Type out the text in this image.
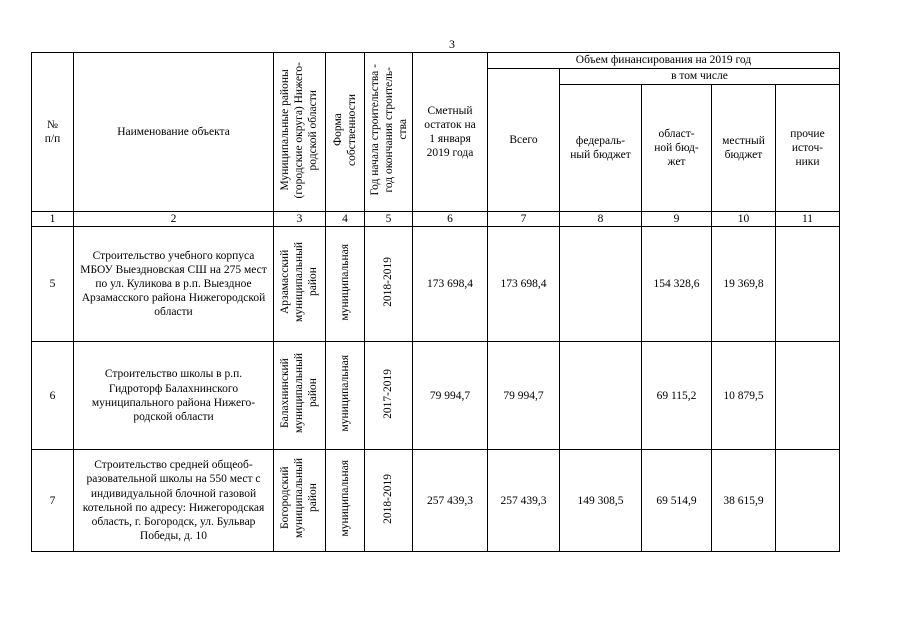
3
№
п/п	Наименование объекта	Муниципальные районы
(городские округа) Нижего-
родской области	Форма
собственности	Год начала строительства -
год окончания строитель-
ства	Сметный
остаток на
1 января
2019 года	Объем финансирования на 2019 год				
						Всего	в том числе			
							федераль-
ный бюджет	област-
ной бюд-
жет	местный
бюджет	прочие
источ-
ники
1	2	3	4	5	6	7	8	9	10	11
5	Строительство учебного корпуса МБОУ Выездновская СШ на 275 мест по ул. Куликова в р.п. Выездное Арзамасского района Нижегородской области	Арзамасский
муниципальный
район	муниципальная	2018-2019	173 698,4	173 698,4		154 328,6	19 369,8	
6	Строительство школы в р.п. Гидроторф Балахнинского муниципального района Нижегородской области	Балахнинский
муниципальный
район	муниципальная	2017-2019	79 994,7	79 994,7		69 115,2	10 879,5	
7	Строительство средней общеобразовательной школы на 550 мест с индивидуальной блочной газовой котельной по адресу: Нижегородская область, г. Богородск, ул. Бульвар Победы, д. 10	Богородский
муниципальный
район	муниципальная	2018-2019	257 439,3	257 439,3	149 308,5	69 514,9	38 615,9	
